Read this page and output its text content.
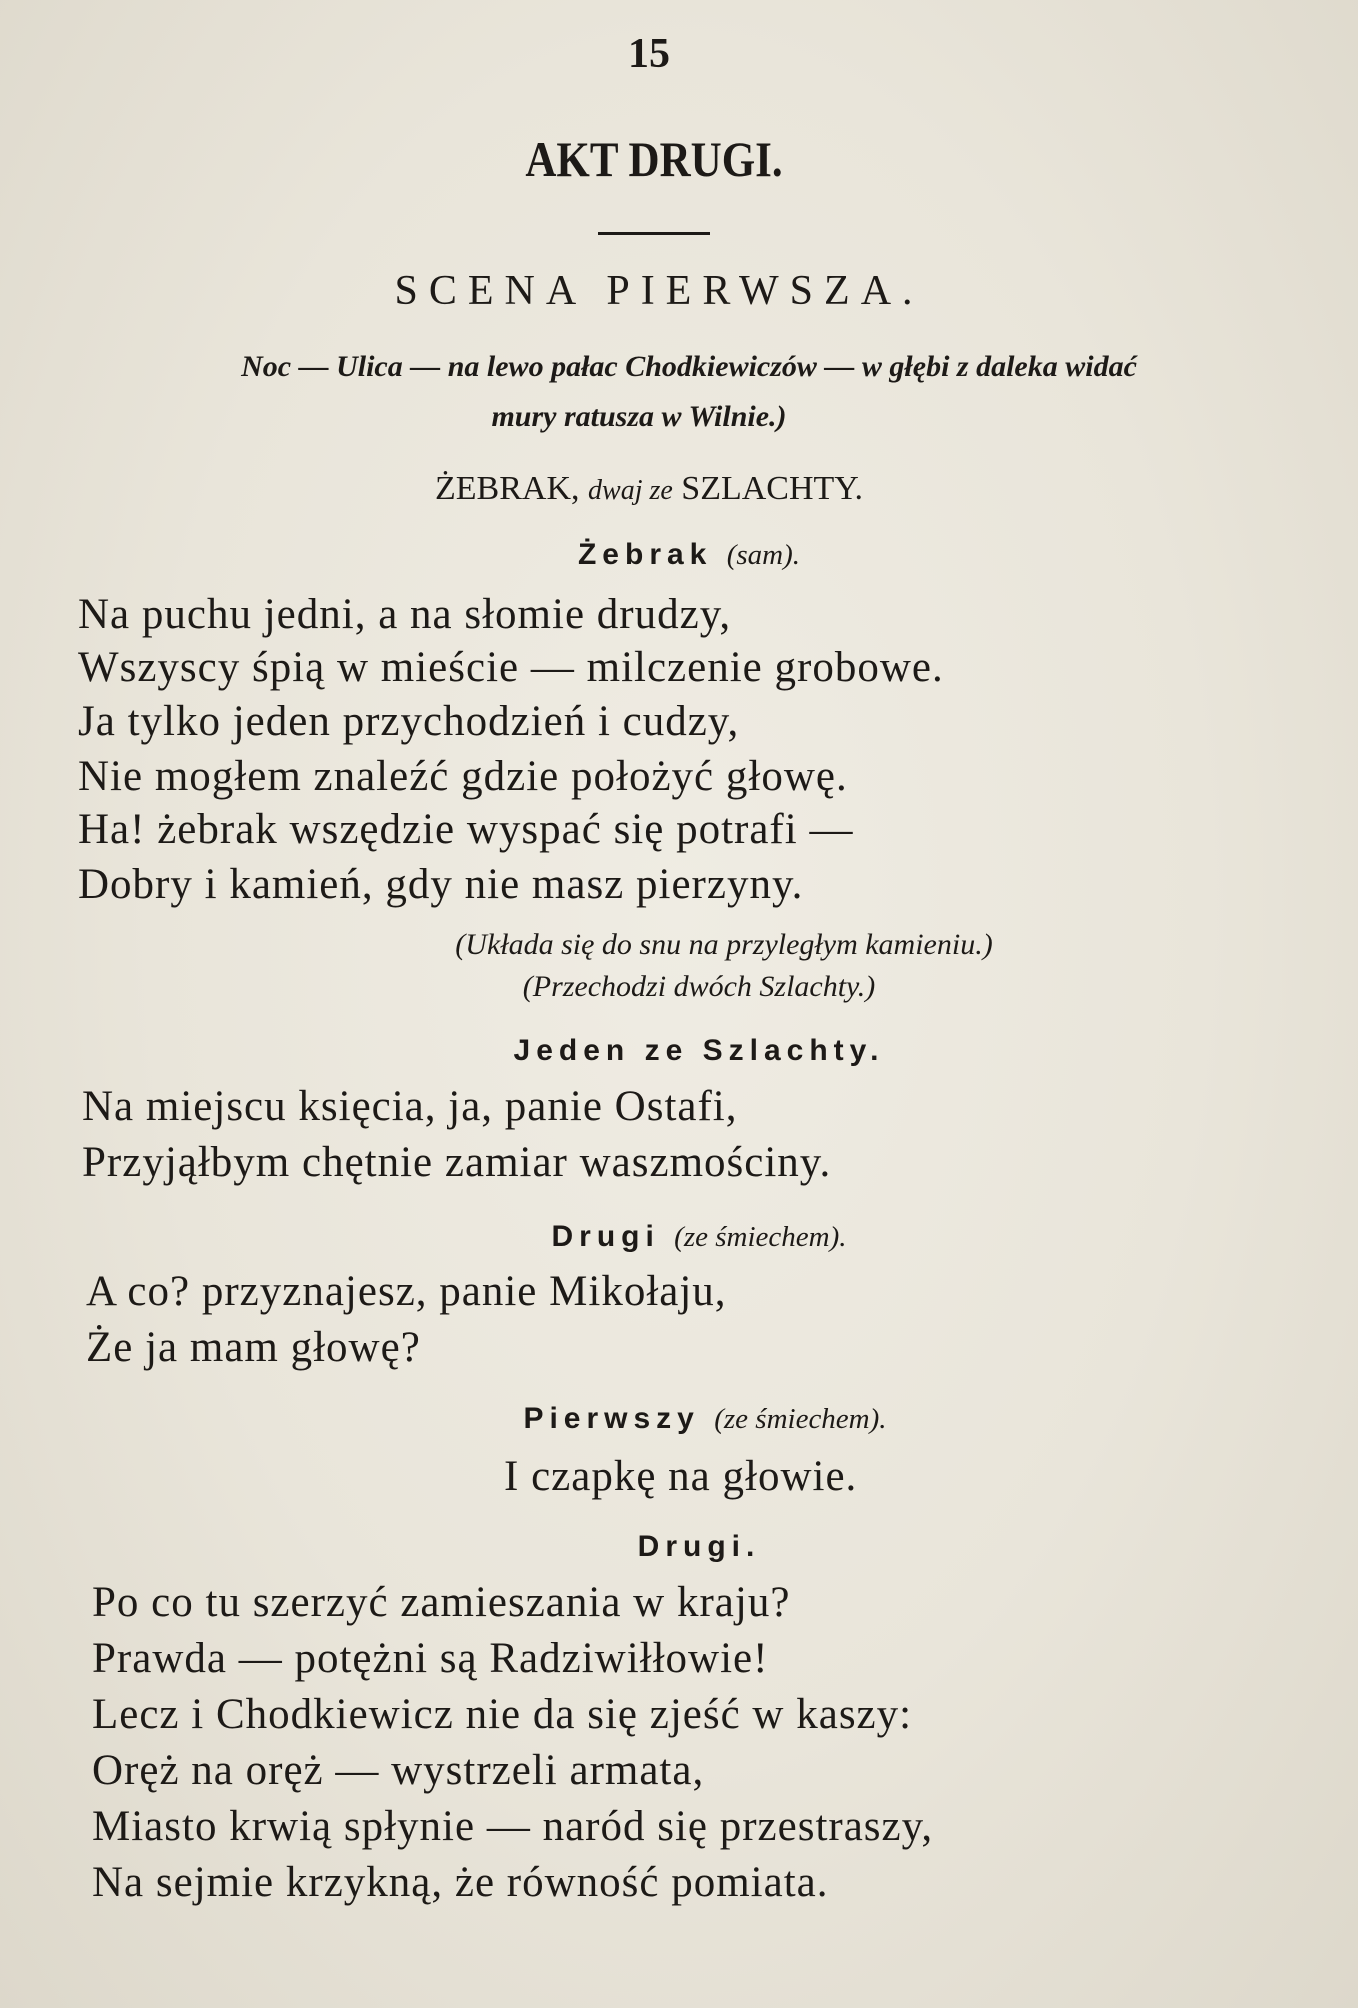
15
AKT DRUGI.
SCENA PIERWSZA.
Noc — Ulica — na lewo pałac Chodkiewiczów — w głębi z daleka widać
mury ratusza w Wilnie.)
ŻEBRAK, dwaj ze SZLACHTY.
Żebrak (sam).
Na puchu jedni, a na słomie drudzy,
Wszyscy śpią w mieście — milczenie grobowe.
Ja tylko jeden przychodzień i cudzy,
Nie mogłem znaleźć gdzie położyć głowę.
Ha! żebrak wszędzie wyspać się potrafi —
Dobry i kamień, gdy nie masz pierzyny.
(Układa się do snu na przyległym kamieniu.)
(Przechodzi dwóch Szlachty.)
Jeden ze Szlachty.
Na miejscu księcia, ja, panie Ostafi,
Przyjąłbym chętnie zamiar waszmościny.
Drugi (ze śmiechem).
A co? przyznajesz, panie Mikołaju,
Że ja mam głowę?
Pierwszy (ze śmiechem).
I czapkę na głowie.
Drugi.
Po co tu szerzyć zamieszania w kraju?
Prawda — potężni są Radziwiłłowie!
Lecz i Chodkiewicz nie da się zjeść w kaszy:
Oręż na oręż — wystrzeli armata,
Miasto krwią spłynie — naród się przestraszy,
Na sejmie krzykną, że równość pomiata.
